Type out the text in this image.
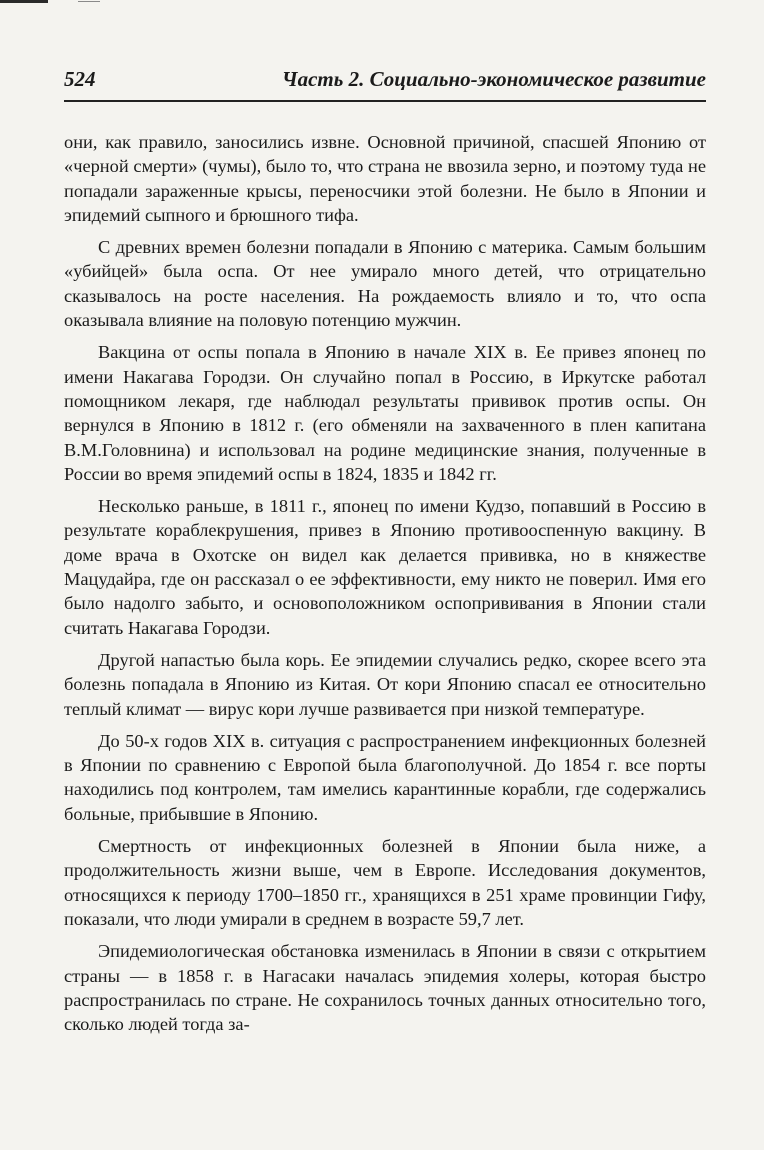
524	Часть 2. Социально-экономическое развитие

они, как правило, заносились извне. Основной причиной, спасшей Японию от «черной смерти» (чумы), было то, что страна не ввозила зерно, и поэтому туда не попадали зараженные крысы, переносчики этой болезни. Не было в Японии и эпидемий сыпного и брюшного тифа.

С древних времен болезни попадали в Японию с материка. Самым большим «убийцей» была оспа. От нее умирало много детей, что отрицательно сказывалось на росте населения. На рождаемость влияло и то, что оспа оказывала влияние на половую потенцию мужчин.

Вакцина от оспы попала в Японию в начале XIX в. Ее привез японец по имени Накагава Городзи. Он случайно попал в Россию, в Иркутске работал помощником лекаря, где наблюдал результаты прививок против оспы. Он вернулся в Японию в 1812 г. (его обменяли на захваченного в плен капитана В.М.Головнина) и использовал на родине медицинские знания, полученные в России во время эпидемий оспы в 1824, 1835 и 1842 гг.

Несколько раньше, в 1811 г., японец по имени Кудзо, попавший в Россию в результате кораблекрушения, привез в Японию противооспенную вакцину. В доме врача в Охотске он видел как делается прививка, но в княжестве Мацудайра, где он рассказал о ее эффективности, ему никто не поверил. Имя его было надолго забыто, и основоположником оспопрививания в Японии стали считать Накагава Городзи.

Другой напастью была корь. Ее эпидемии случались редко, скорее всего эта болезнь попадала в Японию из Китая. От кори Японию спасал ее относительно теплый климат — вирус кори лучше развивается при низкой температуре.

До 50-х годов XIX в. ситуация с распространением инфекционных болезней в Японии по сравнению с Европой была благополучной. До 1854 г. все порты находились под контролем, там имелись карантинные корабли, где содержались больные, прибывшие в Японию.

Смертность от инфекционных болезней в Японии была ниже, а продолжительность жизни выше, чем в Европе. Исследования документов, относящихся к периоду 1700–1850 гг., хранящихся в 251 храме провинции Гифу, показали, что люди умирали в среднем в возрасте 59,7 лет.

Эпидемиологическая обстановка изменилась в Японии в связи с открытием страны — в 1858 г. в Нагасаки началась эпидемия холеры, которая быстро распространилась по стране. Не сохранилось точных данных относительно того, сколько людей тогда за-
